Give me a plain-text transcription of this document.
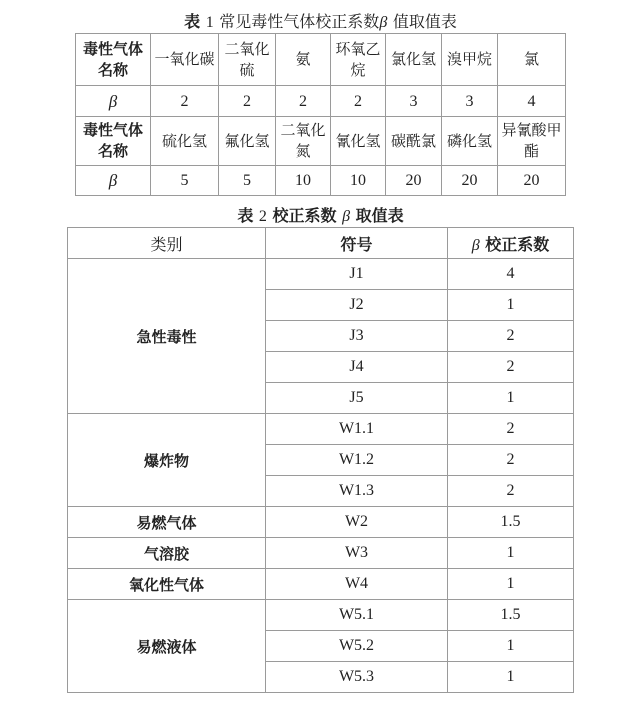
表 1 常见毒性气体校正系数β 值取值表
毒性气体名称	一氧化碳	二氧化硫	氨	环氧乙烷	氯化氢	溴甲烷	氯
β	2	2	2	2	3	3	4
毒性气体名称	硫化氢	氟化氢	二氧化氮	氰化氢	碳酰氯	磷化氢	异氰酸甲酯
β	5	5	10	10	20	20	20
表 2 校正系数 β 取值表
类别	符号	β 校正系数
急性毒性	J1	4
	J2	1
	J3	2
	J4	2
	J5	1
爆炸物	W1.1	2
	W1.2	2
	W1.3	2
易燃气体	W2	1.5
气溶胶	W3	1
氧化性气体	W4	1
易燃液体	W5.1	1.5
	W5.2	1
	W5.3	1
